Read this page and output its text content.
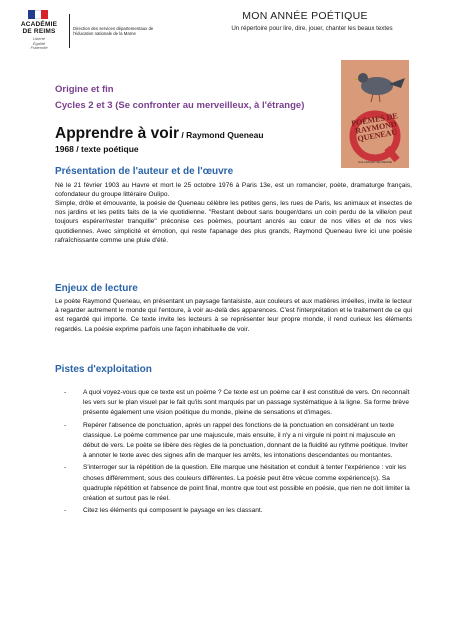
ACADÉMIE
DE REIMS
Liberté
Égalité
Fraternité
Direction des services départementaux de l'éducation nationale de la Marne
MON ANNÉE POÉTIQUE
Un répertoire pour lire, dire, jouer, chanter les beaux textes
Origine et fin
Cycles 2 et 3 (Se confronter au merveilleux, à l'étrange)
Apprendre à voir / Raymond Queneau
1968 / texte poétique
POÈMES DE RAYMOND QUENEAU
GALLIMARD JEUNESSE
Présentation de l'auteur et de l'œuvre
Né le 21 février 1903 au Havre et mort le 25 octobre 1976 à Paris 13e, est un romancier, poète, dramaturge français, cofondateur du groupe littéraire Oulipo.
Simple, drôle et émouvante, la poésie de Queneau célèbre les petites gens, les rues de Paris, les animaux et insectes de nos jardins et les petits faits de la vie quotidienne. "Restant debout sans bouger/dans un coin perdu de la ville/on peut toujours espérer/rester tranquille" préconise ces poèmes, pourtant ancrés au cœur de nos villes et de nos vies quotidiennes. Avec simplicité et émotion, qui reste l'apanage des plus grands, Raymond Queneau livre ici une poésie rafraîchissante comme une pluie d'été.
Enjeux de lecture
Le poète Raymond Queneau, en présentant un paysage fantaisiste, aux couleurs et aux matières irréelles, invite le lecteur à regarder autrement le monde qui l'entoure, à voir au-delà des apparences. C'est l'interprétation et le traitement de ce qui est regardé qui importe. Ce texte invite les lecteurs à se représenter leur propre monde, il rend curieux les éléments regardés. La poésie exprime parfois une façon inhabituelle de voir.
Pistes d'exploitation
-	A quoi voyez-vous que ce texte est un poème ? Ce texte est un poème car il est constitué de vers. On reconnaît les vers sur le plan visuel par le fait qu'ils sont marqués par un passage systématique à la ligne. Sa forme brève présente également une vision poétique du monde, pleine de sensations et d'images.
-	Repérer l'absence de ponctuation, après un rappel des fonctions de la ponctuation en considérant un texte classique. Le poème commence par une majuscule, mais ensuite, il n'y a ni virgule ni point ni majuscule en début de vers. Le poète se libère des règles de la ponctuation, donnant de la fluidité au rythme poétique. Inviter à annoter le texte avec des signes afin de marquer les arrêts, les intonations descendantes ou montantes.
-	S'interroger sur la répétition de la question. Elle marque une hésitation et conduit à tenter l'expérience : voir les choses différemment, sous des couleurs différentes. La poésie peut être vécue comme expérience(s). Sa quadruple répétition et l'absence de point final, montre que tout est possible en poésie, que rien ne doit limiter la création et surtout pas le réel.
-	Citez les éléments qui composent le paysage en les classant.
